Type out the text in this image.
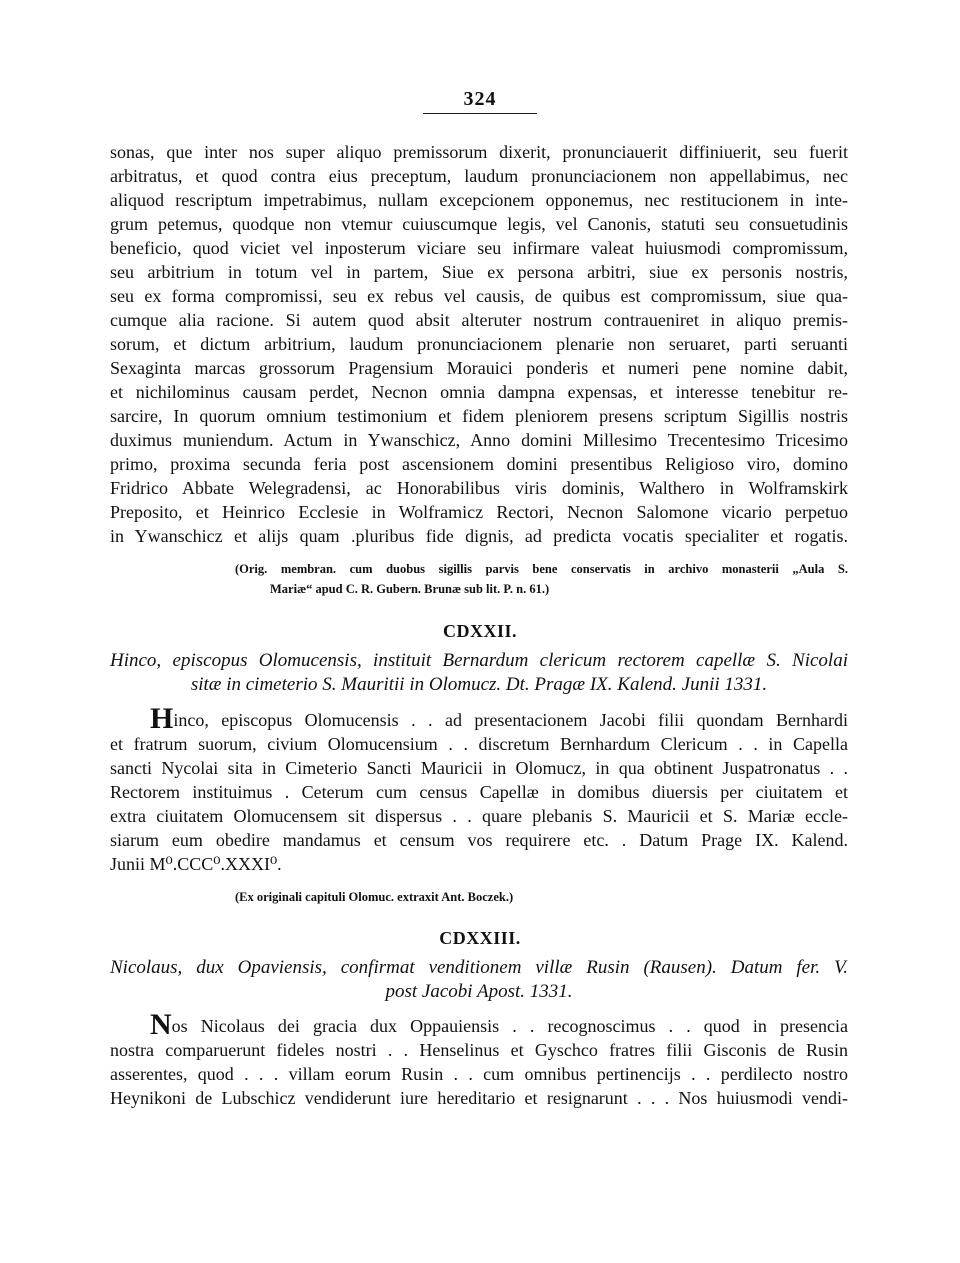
324
sonas, que inter nos super aliquo premissorum dixerit, pronunciauerit diffiniuerit, seu fuerit
arbitratus, et quod contra eius preceptum, laudum pronunciacionem non appellabimus, nec
aliquod rescriptum impetrabimus, nullam excepcionem opponemus, nec restitucionem in inte-
grum petemus, quodque non vtemur cuiuscumque legis, vel Canonis, statuti seu consuetudinis
beneficio, quod viciet vel inposterum viciare seu infirmare valeat huiusmodi compromissum,
seu arbitrium in totum vel in partem, Siue ex persona arbitri, siue ex personis nostris,
seu ex forma compromissi, seu ex rebus vel causis, de quibus est compromissum, siue qua-
cumque alia racione. Si autem quod absit alteruter nostrum contraueniret in aliquo premis-
sorum, et dictum arbitrium, laudum pronunciacionem plenarie non seruaret, parti seruanti
Sexaginta marcas grossorum Pragensium Morauici ponderis et numeri pene nomine dabit,
et nichilominus causam perdet, Necnon omnia dampna expensas, et interesse tenebitur re-
sarcire, In quorum omnium testimonium et fidem pleniorem presens scriptum Sigillis nostris
duximus muniendum. Actum in Ywanschicz, Anno domini Millesimo Trecentesimo Tricesimo
primo, proxima secunda feria post ascensionem domini presentibus Religioso viro, domino
Fridrico Abbate Welegradensi, ac Honorabilibus viris dominis, Walthero in Wolframskirk
Preposito, et Heinrico Ecclesie in Wolframicz Rectori, Necnon Salomone vicario perpetuo
in Ywanschicz et alijs quam .pluribus fide dignis, ad predicta vocatis specialiter et rogatis.
(Orig. membran. cum duobus sigillis parvis bene conservatis in archivo monasterii „Aula S.
Mariæ“ apud C. R. Gubern. Brunæ sub lit. P. n. 61.)
CDXXII.
Hinco, episcopus Olomucensis, instituit Bernardum clericum rectorem capellæ S. Nicolai
sitæ in cimeterio S. Mauritii in Olomucz. Dt. Pragæ IX. Kalend. Junii 1331.
Hinco, episcopus Olomucensis . . ad presentacionem Jacobi filii quondam Bernhardi
et fratrum suorum, civium Olomucensium . . discretum Bernhardum Clericum . . in Capella
sancti Nycolai sita in Cimeterio Sancti Mauricii in Olomucz, in qua obtinent Juspatronatus . .
Rectorem instituimus . Ceterum cum census Capellæ in domibus diuersis per ciuitatem et
extra ciuitatem Olomucensem sit dispersus . . quare plebanis S. Mauricii et S. Mariæ eccle-
siarum eum obedire mandamus et censum vos requirere etc. . Datum Prage IX. Kalend.
Junii M⁰.CCC⁰.XXXI⁰.
(Ex originali capituli Olomuc. extraxit Ant. Boczek.)
CDXXIII.
Nicolaus, dux Opaviensis, confirmat venditionem villæ Rusin (Rausen). Datum fer. V.
post Jacobi Apost. 1331.
Nos Nicolaus dei gracia dux Oppauiensis . . recognoscimus . . quod in presencia
nostra comparuerunt fideles nostri . . Henselinus et Gyschco fratres filii Gisconis de Rusin
asserentes, quod . . . villam eorum Rusin . . cum omnibus pertinencijs . . perdilecto nostro
Heynikoni de Lubschicz vendiderunt iure hereditario et resignarunt . . . Nos huiusmodi vendi-
